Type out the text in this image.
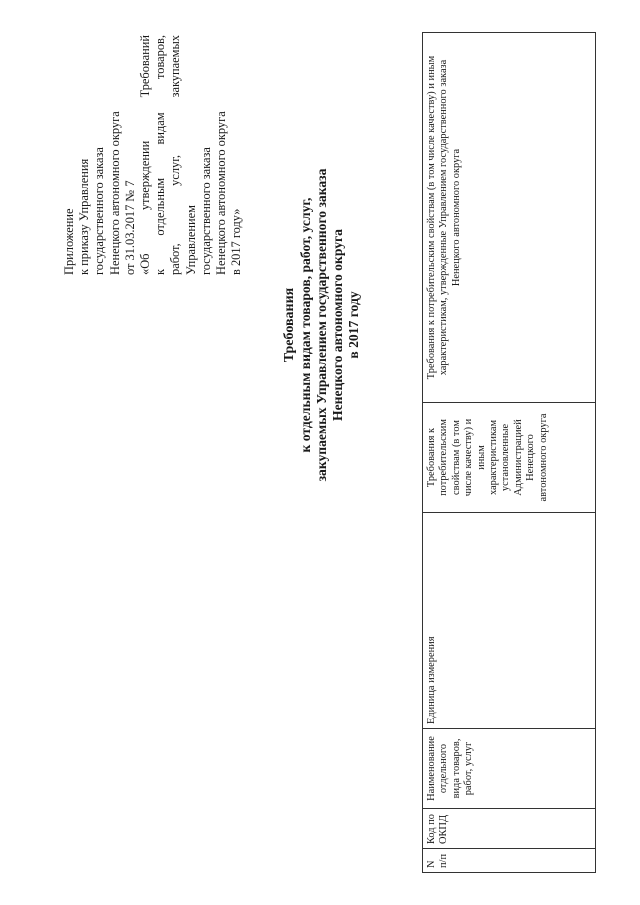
Приложение к приказу Управления государственного заказа Ненецкого автономного округа от 31.03.2017 № 7 «Об утверждении Требований к отдельным видам товаров, работ, услуг, закупаемых Управлением государственного заказа Ненецкого автономного округа в 2017 году»
Требования к отдельным видам товаров, работ, услуг, закупаемых Управлением государственного заказа Ненецкого автономного округа в 2017 году
N п/п	Код по ОКПД	Наименование отдельного вида товаров, работ, услуг	Единица измерения	Требования к потребительским свойствам (в том числе качеству) и иным характеристикам установленные Администрацией Ненецкого автономного округа	Требования к потребительским свойствам (в том числе качеству) и иным характеристикам, утвержденные Управлением государственного заказа Ненецкого автономного округа
